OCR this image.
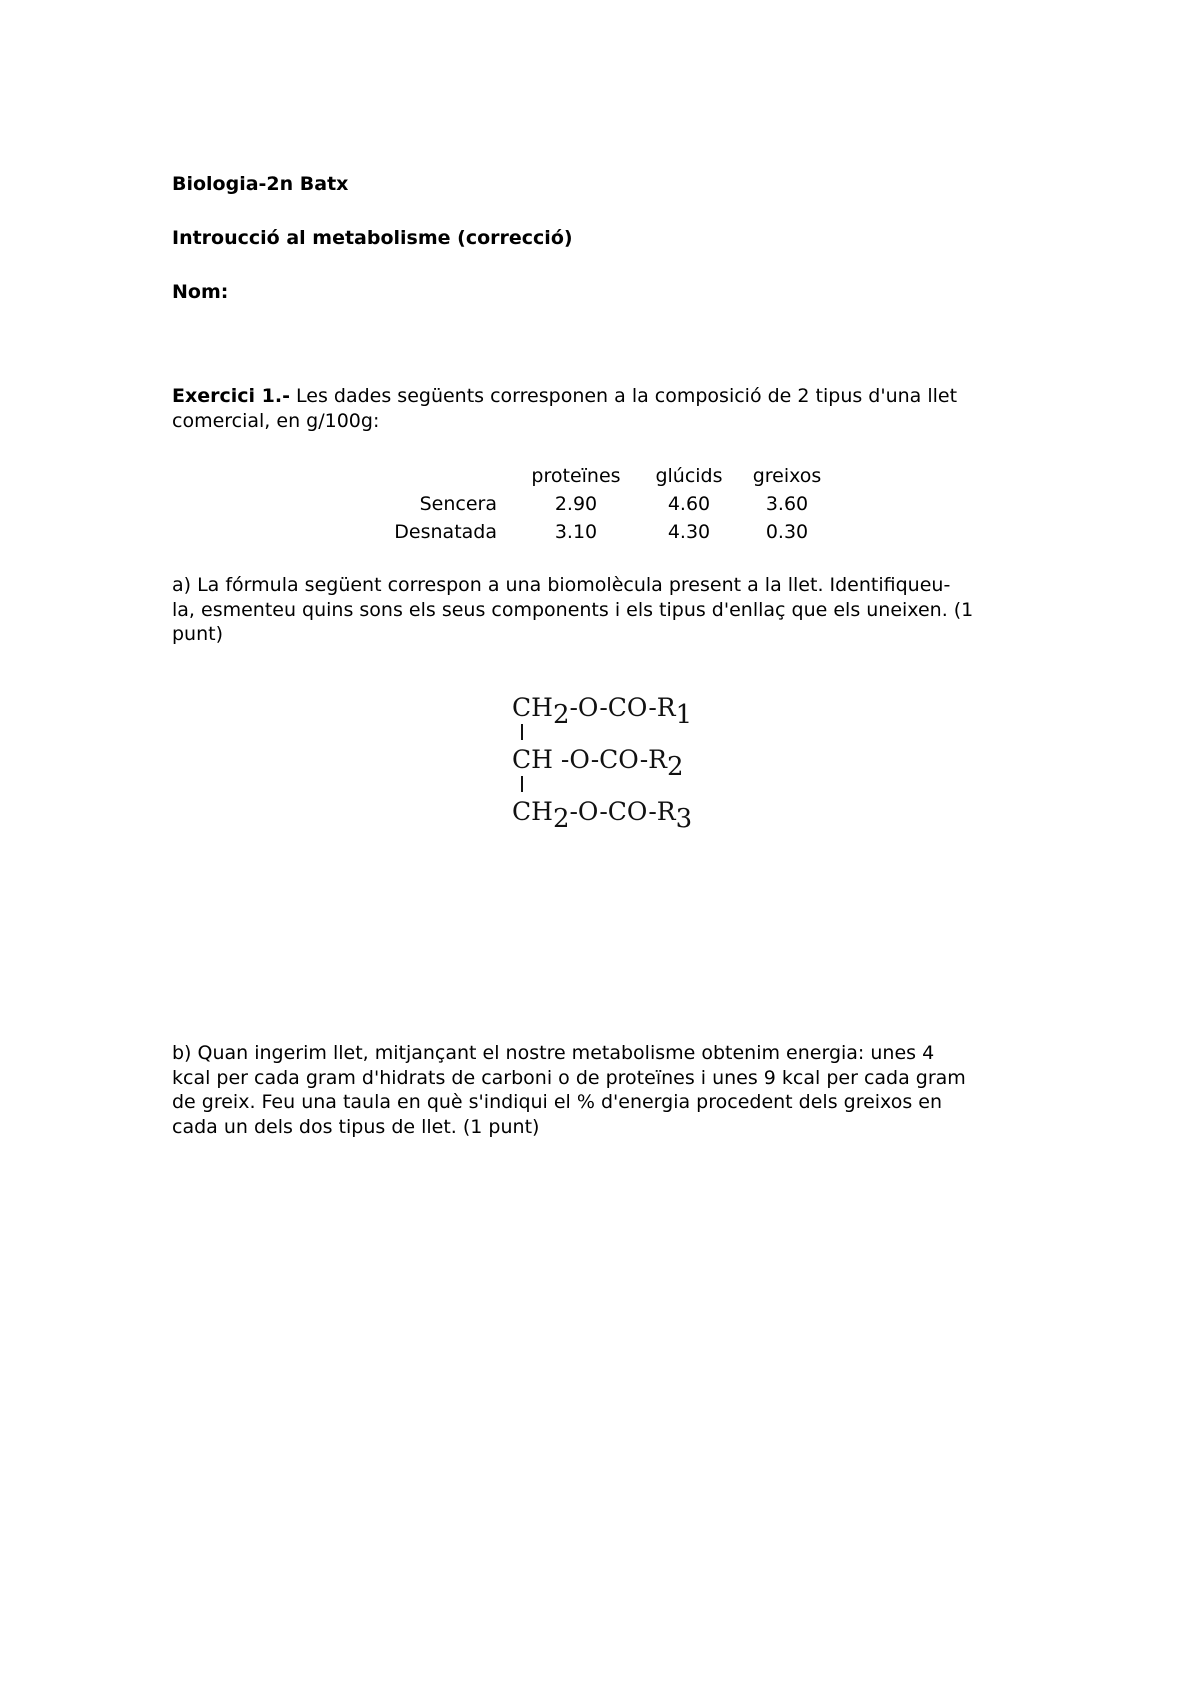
Biologia-2n Batx
Introucció al metabolisme (correcció)
Nom:
Exercici 1.- Les dades següents corresponen a la composició de 2 tipus d'una llet
comercial, en g/100g:
	proteïnes	glúcids	greixos
Sencera	2.90	4.60	3.60
Desnatada	3.10	4.30	0.30
a) La fórmula següent correspon a una biomolècula present a la llet. Identifiqueu-
la, esmenteu quins sons els seus components i els tipus d'enllaç que els uneixen. (1
punt)
$CH_2-O-CO-R_1$
CH $-O-CO-R_2$
$CH_2-O-CO-R_3$
b) Quan ingerim llet, mitjançant el nostre metabolisme obtenim energia: unes 4
kcal per cada gram d'hidrats de carboni o de proteïnes i unes 9 kcal per cada gram
de greix. Feu una taula en què s'indiqui el % d'energia procedent dels greixos en
cada un dels dos tipus de llet. (1 punt)
